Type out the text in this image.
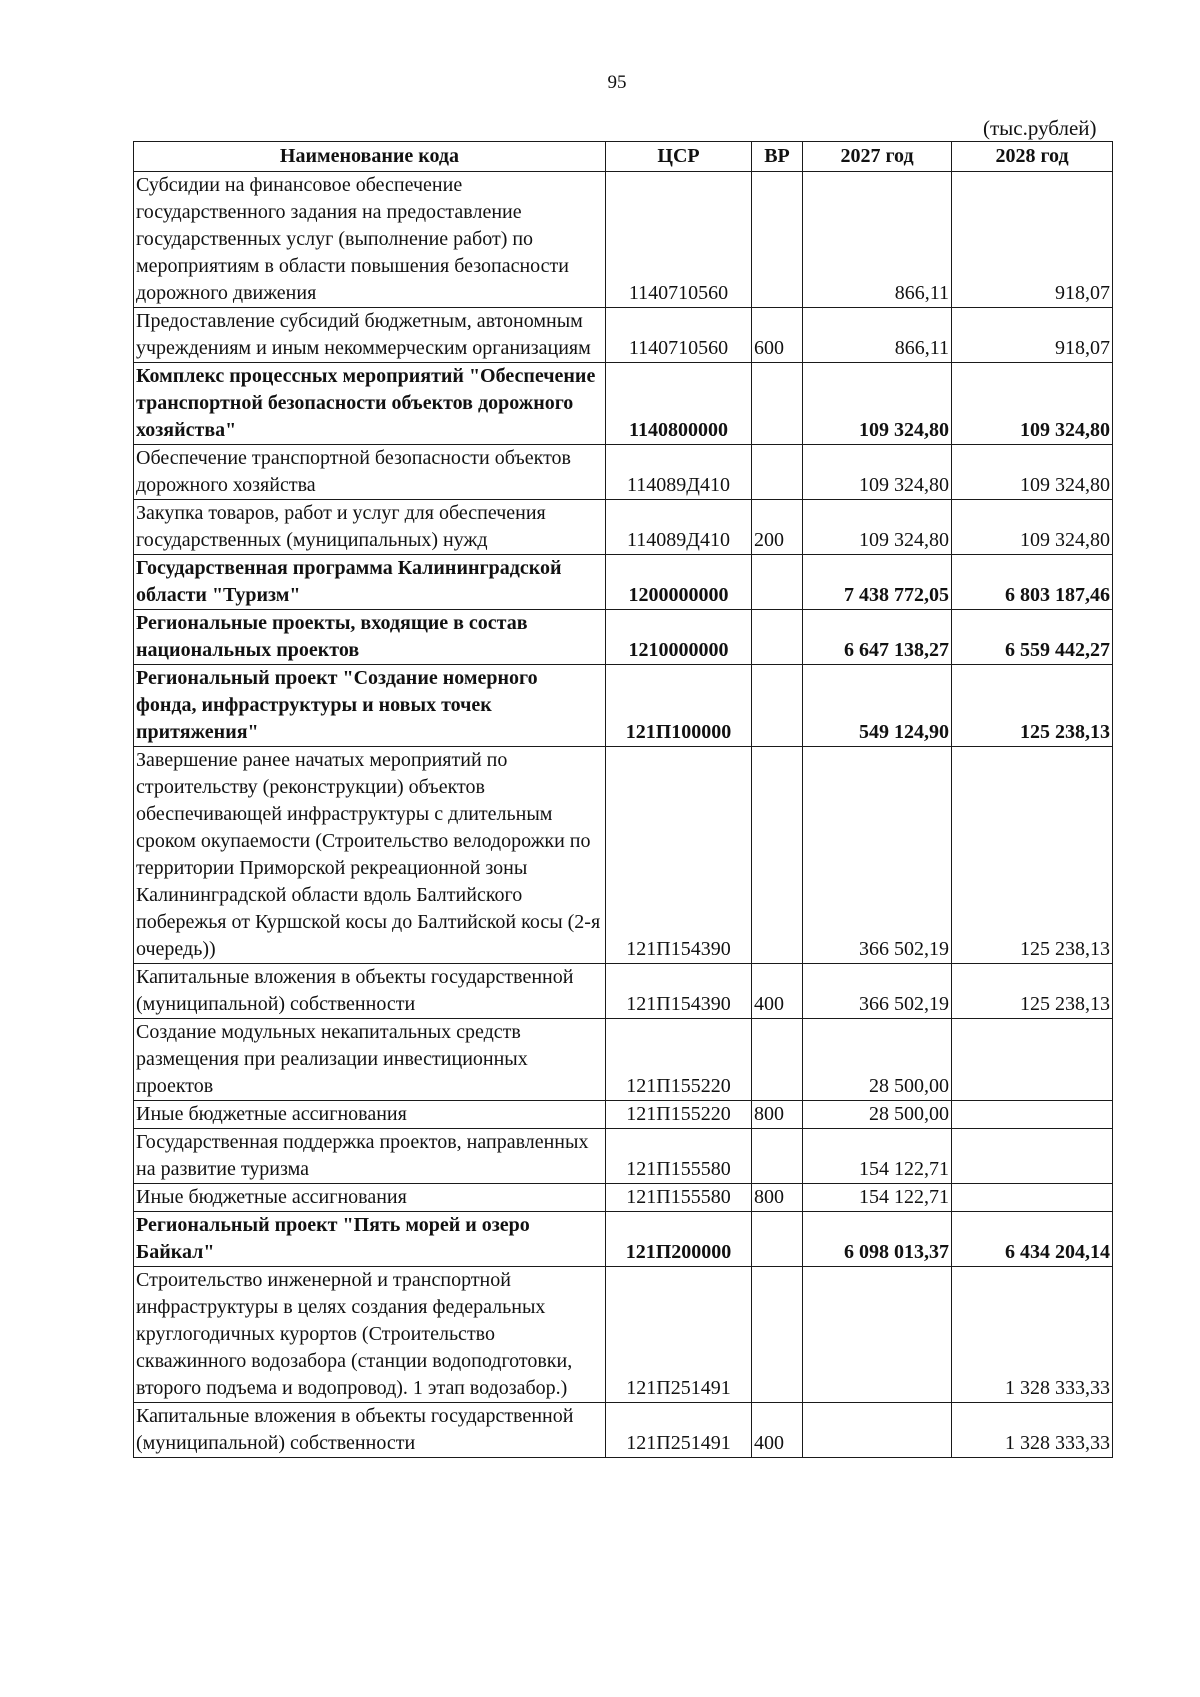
95
(тыс.рублей)
Наименование кода	ЦСР	ВР	2027 год	2028 год
Субсидии на финансовое обеспечение государственного задания на предоставление государственных услуг (выполнение работ) по мероприятиям в области повышения безопасности дорожного движения	1140710560		866,11	918,07
Предоставление субсидий бюджетным, автономным учреждениям и иным некоммерческим организациям	1140710560	600	866,11	918,07
Комплекс процессных мероприятий "Обеспечение транспортной безопасности объектов дорожного хозяйства"	1140800000		109 324,80	109 324,80
Обеспечение транспортной безопасности объектов дорожного хозяйства	114089Д410		109 324,80	109 324,80
Закупка товаров, работ и услуг для обеспечения государственных (муниципальных) нужд	114089Д410	200	109 324,80	109 324,80
Государственная программа Калининградской области "Туризм"	1200000000		7 438 772,05	6 803 187,46
Региональные проекты, входящие в состав национальных проектов	1210000000		6 647 138,27	6 559 442,27
Региональный проект "Создание номерного фонда, инфраструктуры и новых точек притяжения"	121П100000		549 124,90	125 238,13
Завершение ранее начатых мероприятий по строительству (реконструкции) объектов обеспечивающей инфраструктуры с длительным сроком окупаемости (Строительство велодорожки по территории Приморской рекреационной зоны Калининградской области вдоль Балтийского побережья от Куршской косы до Балтийской косы (2-я очередь))	121П154390		366 502,19	125 238,13
Капитальные вложения в объекты государственной (муниципальной) собственности	121П154390	400	366 502,19	125 238,13
Создание модульных некапитальных средств размещения при реализации инвестиционных проектов	121П155220		28 500,00	
Иные бюджетные ассигнования	121П155220	800	28 500,00	
Государственная поддержка проектов, направленных на развитие туризма	121П155580		154 122,71	
Иные бюджетные ассигнования	121П155580	800	154 122,71	
Региональный проект "Пять морей и озеро Байкал"	121П200000		6 098 013,37	6 434 204,14
Строительство инженерной и транспортной инфраструктуры в целях создания федеральных круглогодичных курортов (Строительство скважинного водозабора (станции водоподготовки, второго подъема и водопровод). 1 этап водозабор.)	121П251491			1 328 333,33
Капитальные вложения в объекты государственной (муниципальной) собственности	121П251491	400		1 328 333,33
